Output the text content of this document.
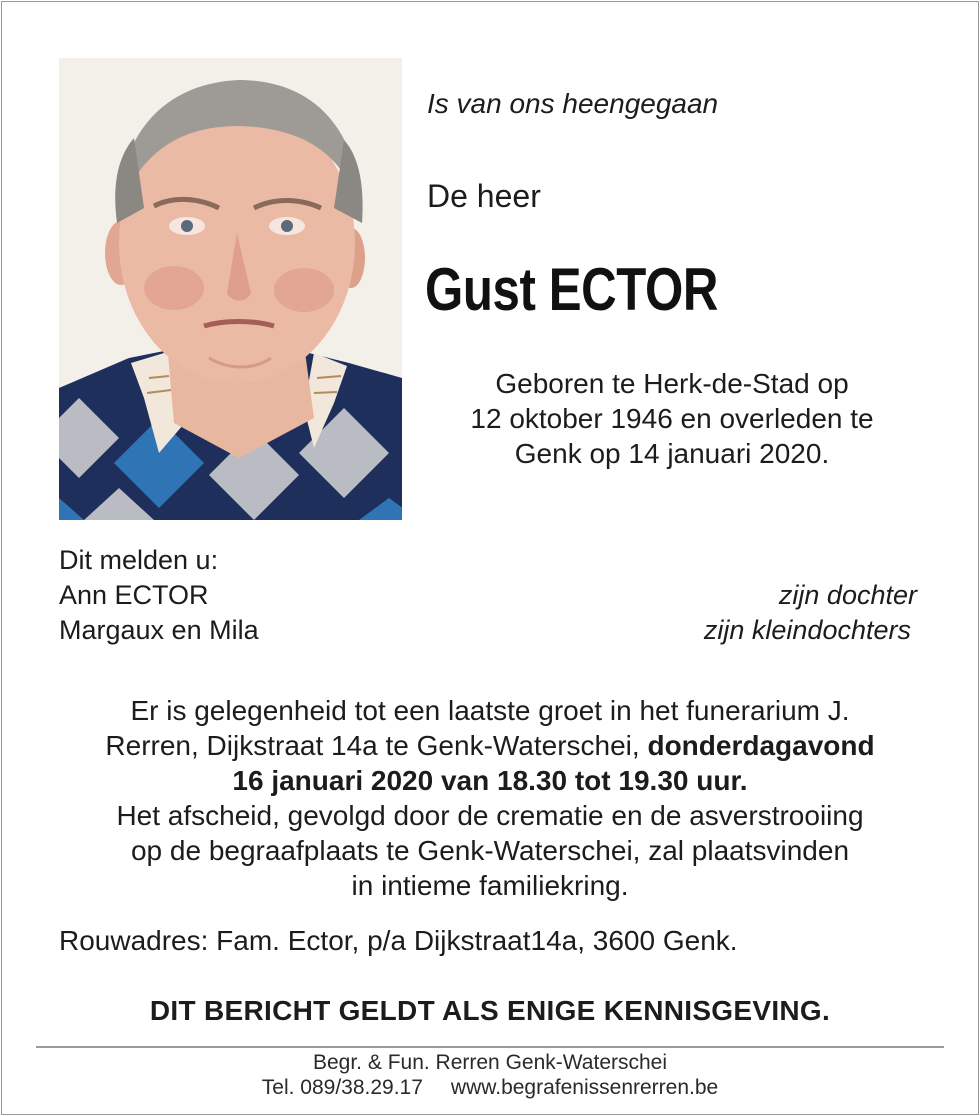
Is van ons heengegaan
De heer
Gust ECTOR
Geboren te Herk-de-Stad op
12 oktober 1946 en overleden te
Genk op 14 januari 2020.
Dit melden u:
Ann ECTOR	zijn dochter
Margaux en Mila	zijn kleindochters
Er is gelegenheid tot een laatste groet in het funerarium J.
Rerren, Dijkstraat 14a te Genk-Waterschei, donderdagavond
16 januari 2020 van 18.30 tot 19.30 uur.
Het afscheid, gevolgd door de crematie en de asverstrooiing
op de begraafplaats te Genk-Waterschei, zal plaatsvinden
in intieme familiekring.
Rouwadres: Fam. Ector, p/a Dijkstraat14a, 3600 Genk.
DIT BERICHT GELDT ALS ENIGE KENNISGEVING.
Begr. & Fun. Rerren Genk-Waterschei
Tel. 089/38.29.17 www.begrafenissenrerren.be
